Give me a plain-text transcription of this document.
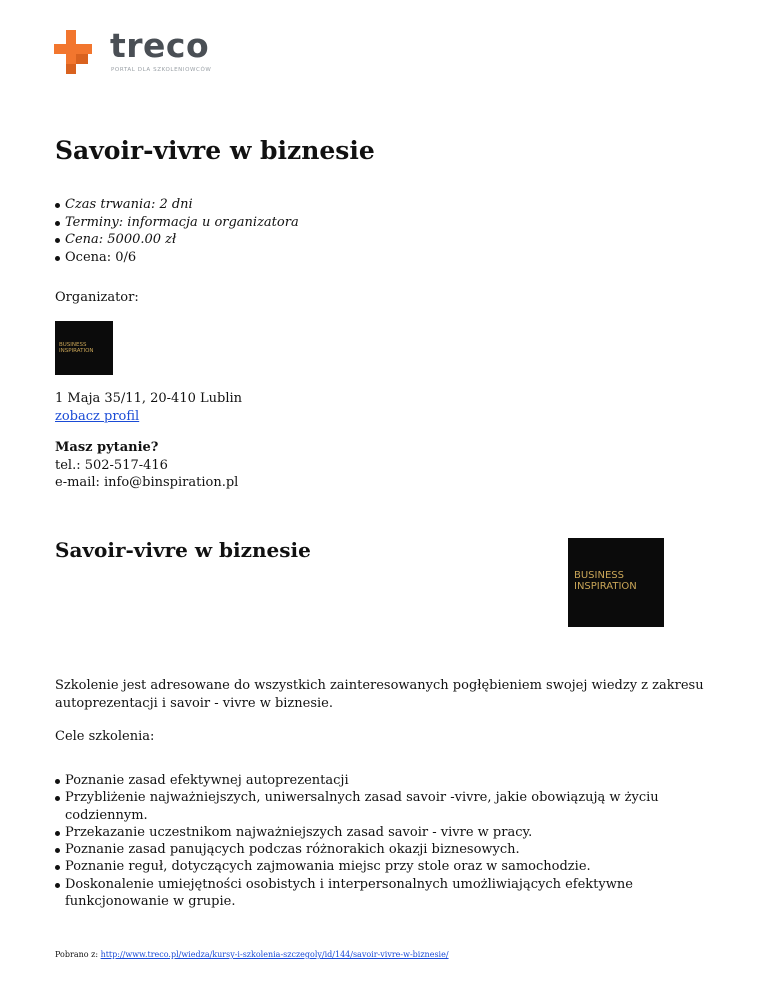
treco
PORTAL DLA SZKOLENIOWCÓW
Savoir-vivre w biznesie
Czas trwania: 2 dni
Terminy: informacja u organizatora
Cena: 5000.00 zł
Ocena: 0/6
Organizator:
BUSINESS
INSPIRATION
1 Maja 35/11, 20-410 Lublin
zobacz profil
Masz pytanie?
tel.: 502-517-416
e-mail: info@binspiration.pl
Savoir-vivre w biznesie
BUSINESS
INSPIRATION

Szkolenie jest adresowane do wszystkich zainteresowanych pogłębieniem swojej wiedzy z zakresu autoprezentacji i savoir - vivre w biznesie.

Cele szkolenia:

Poznanie zasad efektywnej autoprezentacji
Przybliżenie najważniejszych, uniwersalnych zasad savoir -vivre, jakie obowiązują w życiu codziennym.
Przekazanie uczestnikom najważniejszych zasad savoir - vivre w pracy.
Poznanie zasad panujących podczas różnorakich okazji biznesowych.
Poznanie reguł, dotyczących zajmowania miejsc przy stole oraz w samochodzie.
Doskonalenie umiejętności osobistych i interpersonalnych umożliwiających efektywne funkcjonowanie w grupie.
Pobrano z: http://www.treco.pl/wiedza/kursy-i-szkolenia-szczegoly/id/144/savoir-vivre-w-biznesie/
